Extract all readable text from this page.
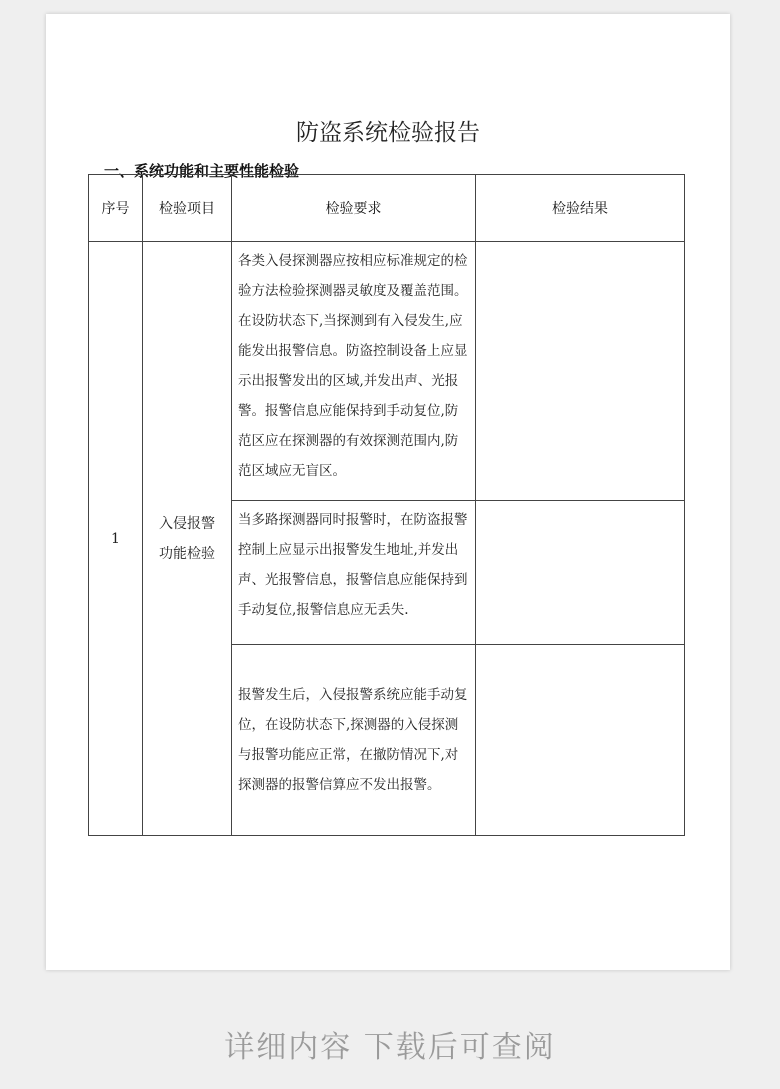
防盗系统检验报告
一、系统功能和主要性能检验
序号	检验项目	检验要求	检验结果
1	入侵报警功能检验	各类入侵探测器应按相应标准规定的检验方法检验探测器灵敏度及覆盖范围。在设防状态下,当探测到有入侵发生,应能发出报警信息。防盗控制设备上应显示出报警发出的区域,并发出声、光报警。报警信息应能保持到手动复位,防范区应在探测器的有效探测范围内,防范区域应无盲区。	
		当多路探测器同时报警时，在防盗报警控制上应显示出报警发生地址,并发出声、光报警信息，报警信息应能保持到手动复位,报警信息应无丢失.	
		报警发生后，入侵报警系统应能手动复位，在设防状态下,探测器的入侵探测与报警功能应正常，在撤防情况下,对探测器的报警信算应不发出报警。	
详细内容 下载后可查阅
